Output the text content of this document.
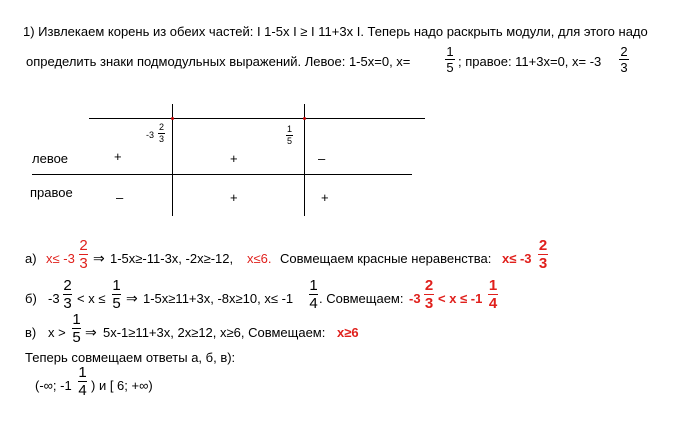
1) Извлекаем корень из обеих частей: I 1-5x I ≥ I 11+3x I. Теперь надо раскрыть модули, для этого надо
определить знаки подмодульных выражений. Левое: 1-5x=0, x=
1
5 ; правое: 11+3x=0, x= -3
2
3
-3
2
3
1
5
левое	+	+	–
правое	–	+	+
а) x≤ -3
2
3 ⇒ 1-5x≥-11-3x, -2x≥-12, x≤6. Совмещаем красные неравенства: x≤ -3
2
3
б) -3
2
3 < x ≤
1
5 ⇒ 1-5x≥11+3x, -8x≥10, x≤ -1
1
4 . Совмещаем: -3
2
3 < x ≤ -1
1
4
в) x >
1
5 ⇒ 5x-1≥11+3x, 2x≥12, x≥6, Совмещаем: x≥6
Теперь совмещаем ответы а, б, в):
(-∞; -1
1
4 ) и [ 6; +∞)
